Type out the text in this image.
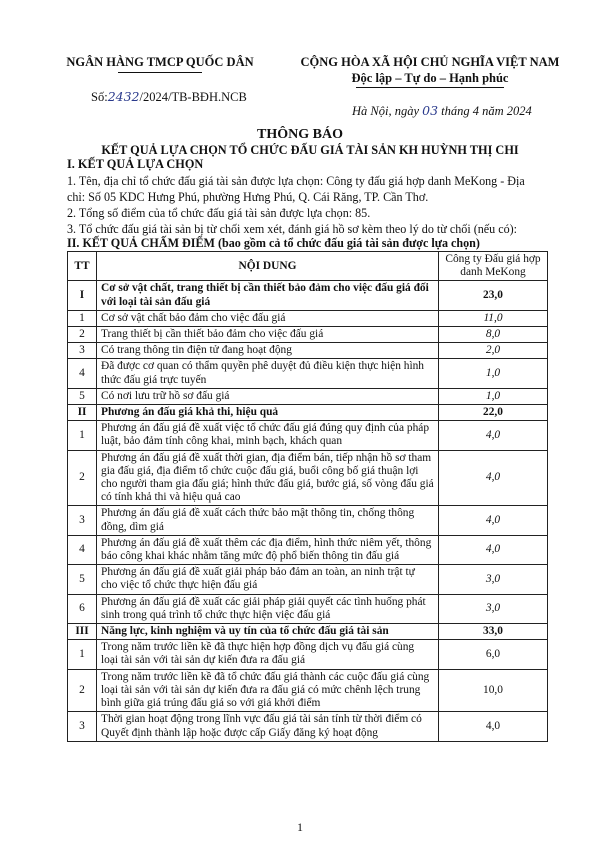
NGÂN HÀNG TMCP QUỐC DÂN	CỘNG HÒA XÃ HỘI CHỦ NGHĨA VIỆT NAM
Độc lập – Tự do – Hạnh phúc
Số:2432/2024/TB-BĐH.NCB
Hà Nội, ngày 03 tháng 4 năm 2024
THÔNG BÁO
KẾT QUẢ LỰA CHỌN TỔ CHỨC ĐẤU GIÁ TÀI SẢN KH HUỲNH THỊ CHI
I. KẾT QUẢ LỰA CHỌN
1. Tên, địa chỉ tổ chức đấu giá tài sản được lựa chọn: Công ty đấu giá hợp danh MeKong - Địa
chỉ: Số 05 KDC Hưng Phú, phường Hưng Phú, Q. Cái Răng, TP. Cần Thơ.
2. Tổng số điểm của tổ chức đấu giá tài sản được lựa chọn: 85.
3. Tổ chức đấu giá tài sản bị từ chối xem xét, đánh giá hồ sơ kèm theo lý do từ chối (nếu có):
II. KẾT QUẢ CHẤM ĐIỂM (bao gồm cả tổ chức đấu giá tài sản được lựa chọn)
TT	NỘI DUNG	Công ty Đấu giá hợp danh MeKong
I	Cơ sở vật chất, trang thiết bị cần thiết bảo đảm cho việc đấu giá đối với loại tài sản đấu giá	23,0
1	Cơ sở vật chất bảo đảm cho việc đấu giá	11,0
2	Trang thiết bị cần thiết bảo đảm cho việc đấu giá	8,0
3	Có trang thông tin điện tử đang hoạt động	2,0
4	Đã được cơ quan có thẩm quyền phê duyệt đủ điều kiện thực hiện hình thức đấu giá trực tuyến	1,0
5	Có nơi lưu trữ hồ sơ đấu giá	1,0
II	Phương án đấu giá khả thi, hiệu quả	22,0
1	Phương án đấu giá đề xuất việc tổ chức đấu giá đúng quy định của pháp luật, bảo đảm tính công khai, minh bạch, khách quan	4,0
2	Phương án đấu giá đề xuất thời gian, địa điểm bán, tiếp nhận hồ sơ tham gia đấu giá, địa điểm tổ chức cuộc đấu giá, buổi công bố giá thuận lợi cho người tham gia đấu giá; hình thức đấu giá, bước giá, số vòng đấu giá có tính khả thi và hiệu quả cao	4,0
3	Phương án đấu giá đề xuất cách thức bảo mật thông tin, chống thông đồng, dìm giá	4,0
4	Phương án đấu giá đề xuất thêm các địa điểm, hình thức niêm yết, thông báo công khai khác nhằm tăng mức độ phổ biến thông tin đấu giá	4,0
5	Phương án đấu giá đề xuất giải pháp bảo đảm an toàn, an ninh trật tự cho việc tổ chức thực hiện đấu giá	3,0
6	Phương án đấu giá đề xuất các giải pháp giải quyết các tình huống phát sinh trong quá trình tổ chức thực hiện việc đấu giá	3,0
III	Năng lực, kinh nghiệm và uy tín của tổ chức đấu giá tài sản	33,0
1	Trong năm trước liền kề đã thực hiện hợp đồng dịch vụ đấu giá cùng loại tài sản với tài sản dự kiến đưa ra đấu giá	6,0
2	Trong năm trước liền kề đã tổ chức đấu giá thành các cuộc đấu giá cùng loại tài sản với tài sản dự kiến đưa ra đấu giá có mức chênh lệch trung bình giữa giá trúng đấu giá so với giá khởi điểm	10,0
3	Thời gian hoạt động trong lĩnh vực đấu giá tài sản tính từ thời điểm có Quyết định thành lập hoặc được cấp Giấy đăng ký hoạt động	4,0
1
